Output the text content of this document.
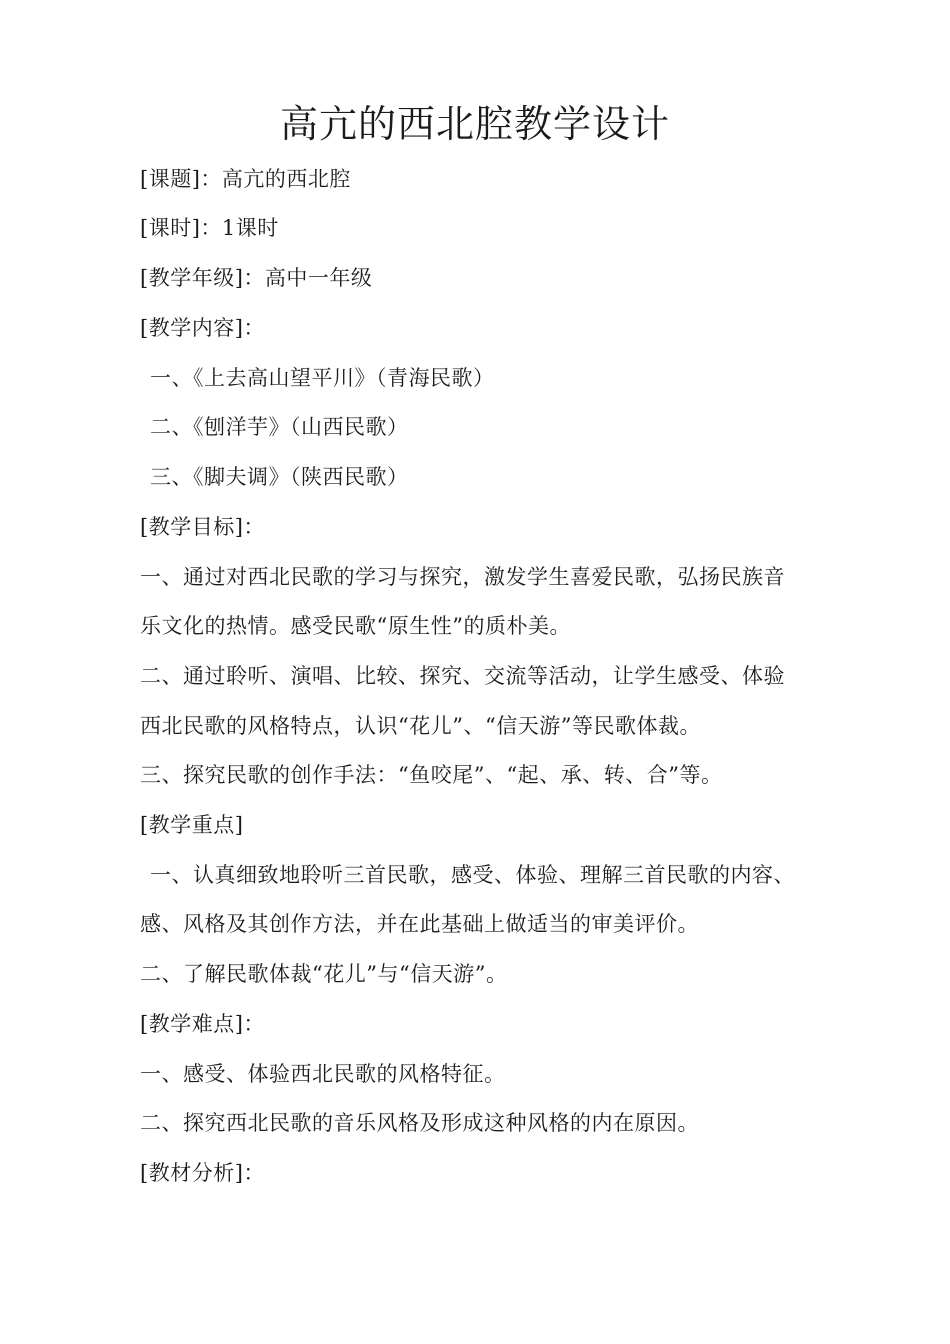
高亢的西北腔教学设计
[课题]：高亢的西北腔
[课时]：1课时
[教学年级]：高中一年级
[教学内容]：
一、《上去高山望平川》（青海民歌）
二、《刨洋芋》（山西民歌）
三、《脚夫调》（陕西民歌）
[教学目标]：
一、通过对西北民歌的学习与探究，激发学生喜爱民歌，弘扬民族音
乐文化的热情。感受民歌“原生性”的质朴美。
二、通过聆听、演唱、比较、探究、交流等活动，让学生感受、体验
西北民歌的风格特点，认识“花儿”、“信天游”等民歌体裁。
三、探究民歌的创作手法：“鱼咬尾”、“起、承、转、合”等。
[教学重点]
一、认真细致地聆听三首民歌，感受、体验、理解三首民歌的内容、
感、风格及其创作方法，并在此基础上做适当的审美评价。
二、了解民歌体裁“花儿”与“信天游”。
[教学难点]：
一、感受、体验西北民歌的风格特征。
二、探究西北民歌的音乐风格及形成这种风格的内在原因。
[教材分析]：
